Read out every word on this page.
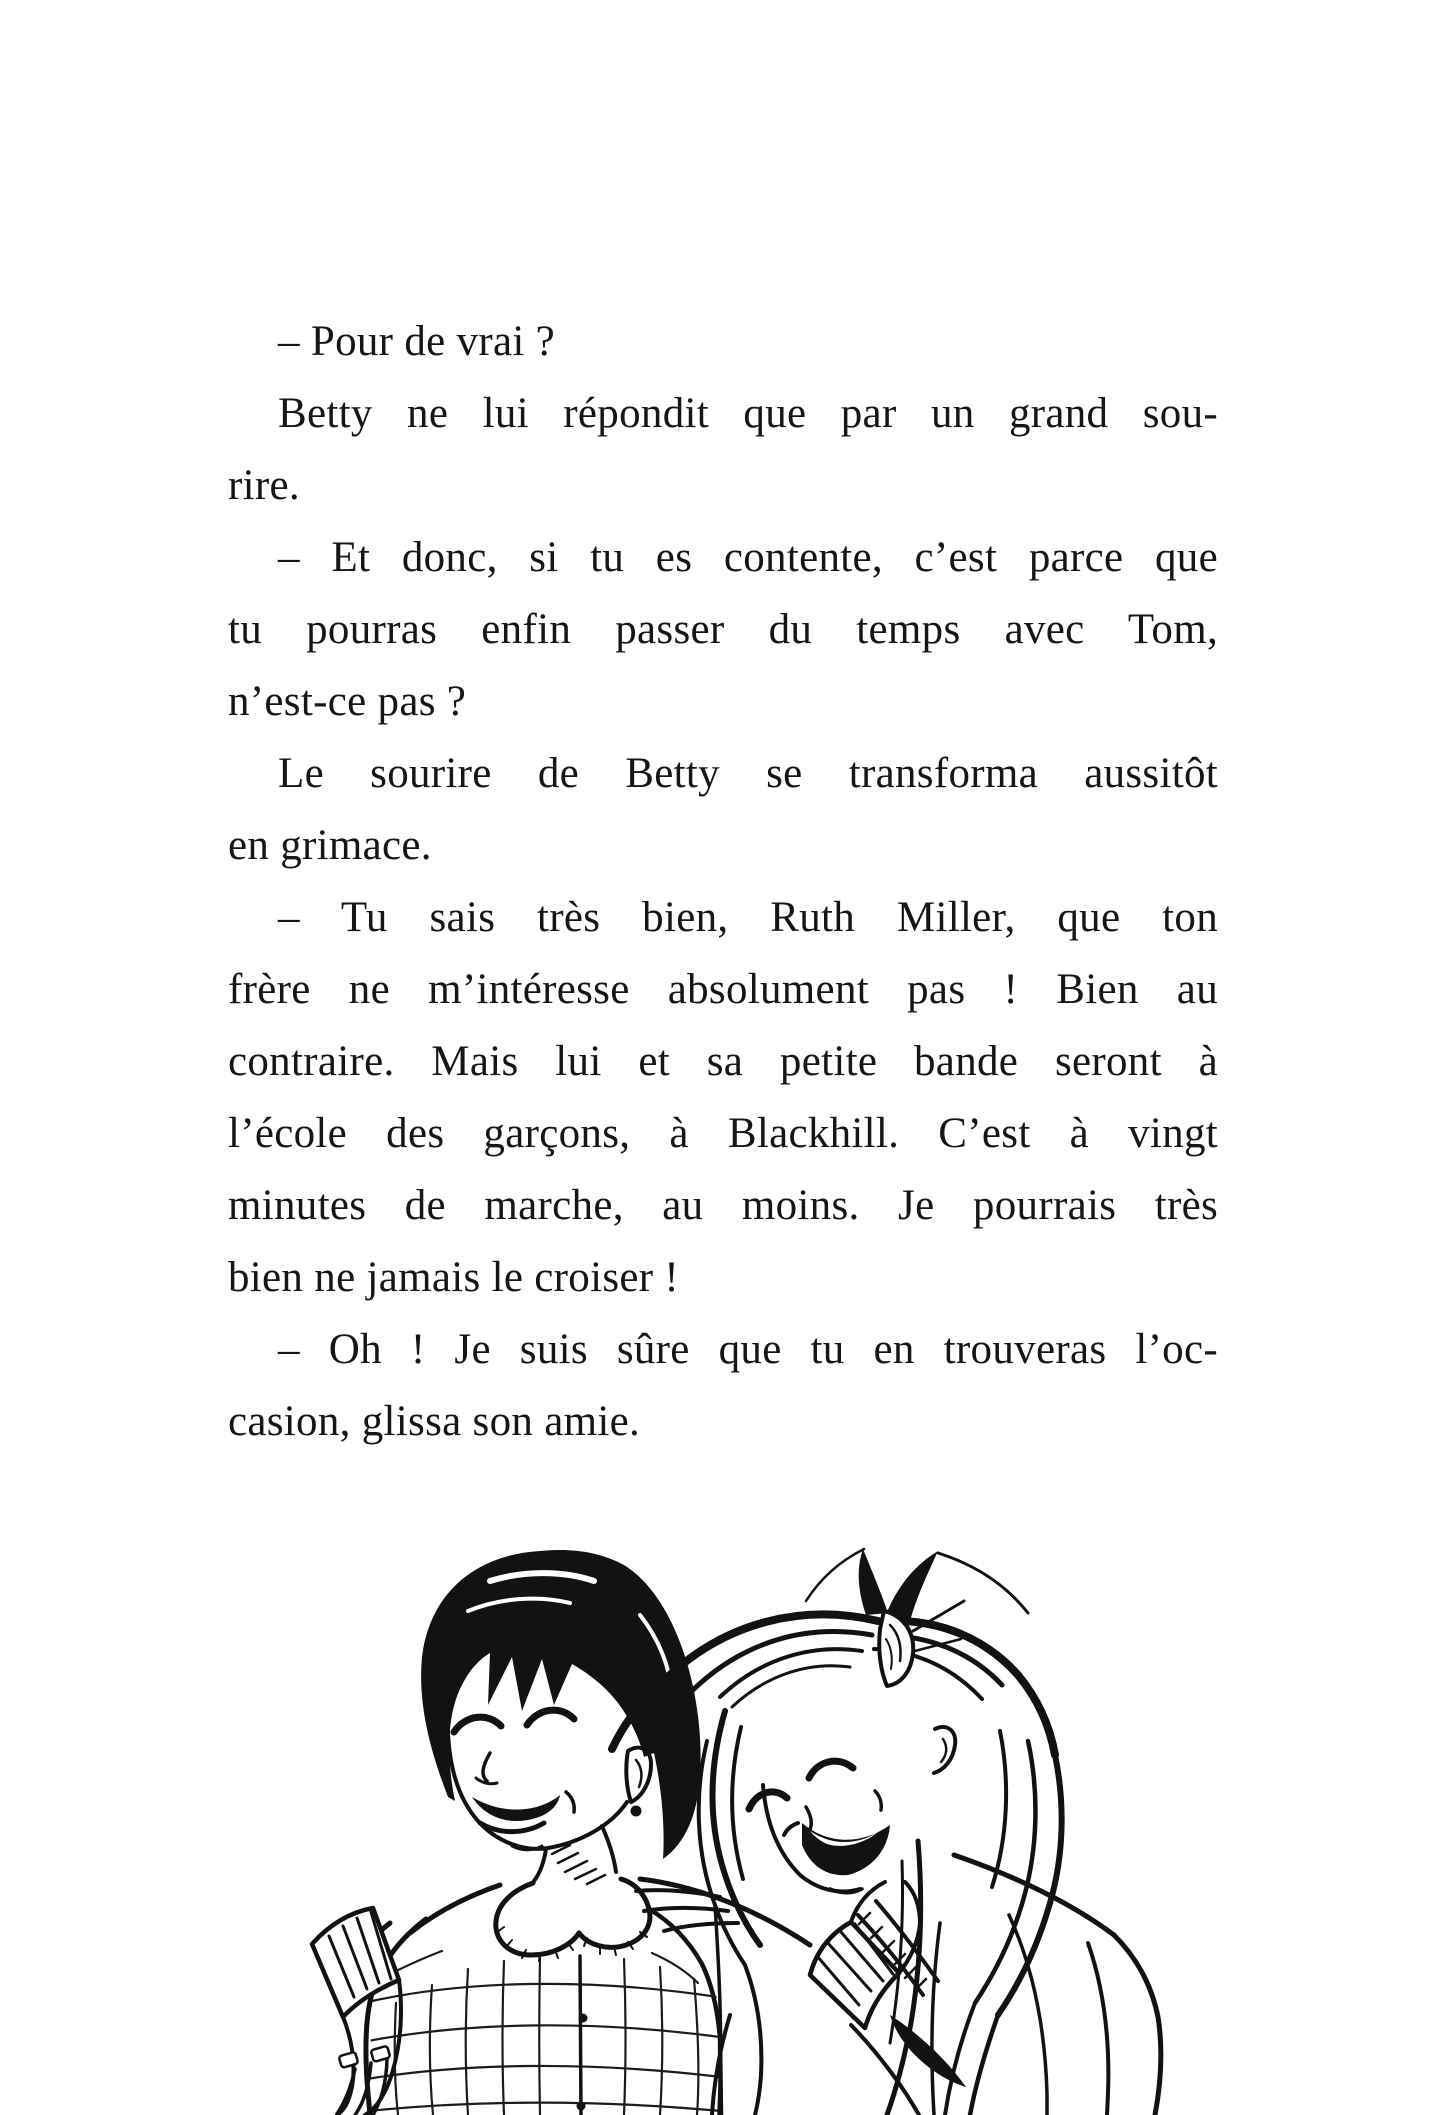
– Pour de vrai ?
Betty ne lui répondit que par un grand sou-
rire.
– Et donc, si tu es contente, c’est parce que
tu pourras enfin passer du temps avec Tom,
n’est-ce pas ?
Le sourire de Betty se transforma aussitôt
en grimace.
– Tu sais très bien, Ruth Miller, que ton
frère ne m’intéresse absolument pas ! Bien au
contraire. Mais lui et sa petite bande seront à
l’école des garçons, à Blackhill. C’est à vingt
minutes de marche, au moins. Je pourrais très
bien ne jamais le croiser !
– Oh ! Je suis sûre que tu en trouveras l’oc-
casion, glissa son amie.
